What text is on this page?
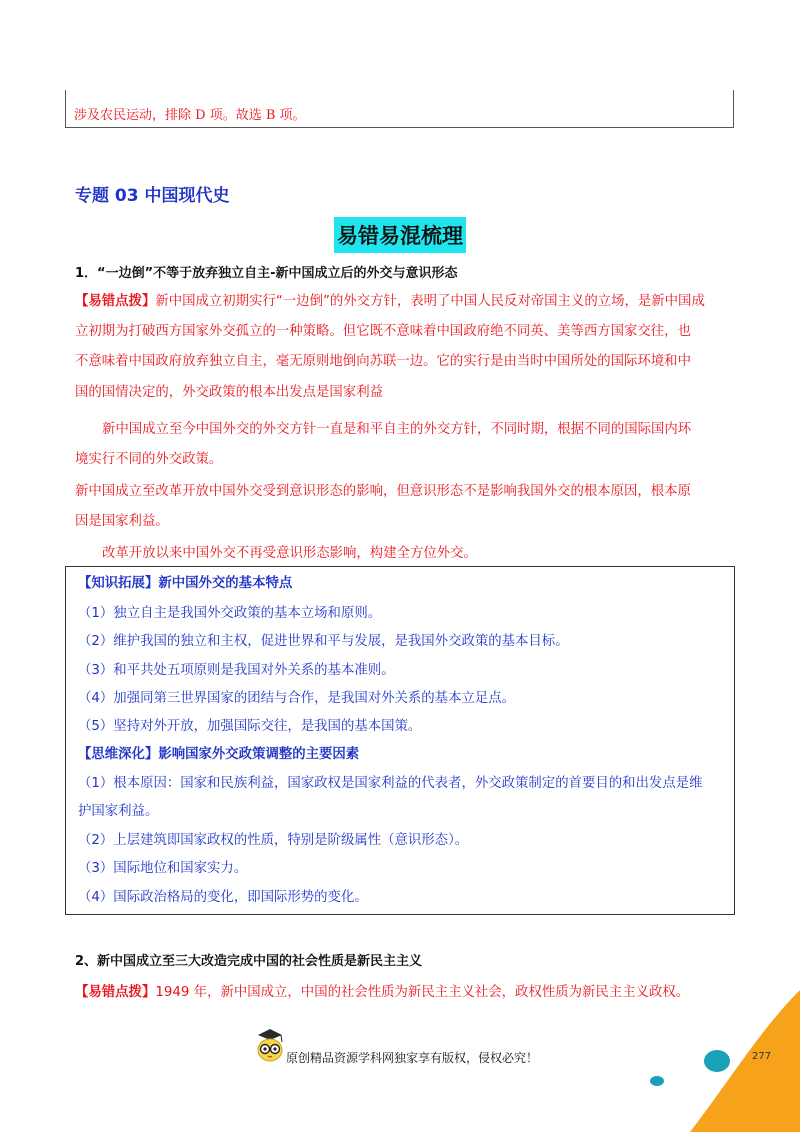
涉及农民运动，排除 D 项。故选 B 项。
专题 03 中国现代史
易错易混梳理
1．“一边倒”不等于放弃独立自主-新中国成立后的外交与意识形态
【易错点拨】新中国成立初期实行“一边倒”的外交方针，表明了中国人民反对帝国主义的立场，是新中国成
立初期为打破西方国家外交孤立的一种策略。但它既不意味着中国政府绝不同英、美等西方国家交往，也
不意味着中国政府放弃独立自主，毫无原则地倒向苏联一边。它的实行是由当时中国所处的国际环境和中
国的国情决定的，外交政策的根本出发点是国家利益
新中国成立至今中国外交的外交方针一直是和平自主的外交方针，不同时期，根据不同的国际国内环
境实行不同的外交政策。
新中国成立至改革开放中国外交受到意识形态的影响，但意识形态不是影响我国外交的根本原因，根本原
因是国家利益。
改革开放以来中国外交不再受意识形态影响，构建全方位外交。
【知识拓展】新中国外交的基本特点
（1）独立自主是我国外交政策的基本立场和原则。
（2）维护我国的独立和主权，促进世界和平与发展，是我国外交政策的基本目标。
（3）和平共处五项原则是我国对外关系的基本准则。
（4）加强同第三世界国家的团结与合作，是我国对外关系的基本立足点。
（5）坚持对外开放，加强国际交往，是我国的基本国策。
【思维深化】影响国家外交政策调整的主要因素
（1）根本原因：国家和民族利益，国家政权是国家利益的代表者，外交政策制定的首要目的和出发点是维
护国家利益。
（2）上层建筑即国家政权的性质，特别是阶级属性（意识形态）。
（3）国际地位和国家实力。
（4）国际政治格局的变化，即国际形势的变化。
2、新中国成立至三大改造完成中国的社会性质是新民主主义
【易错点拨】1949 年，新中国成立，中国的社会性质为新民主主义社会，政权性质为新民主主义政权。
原创精品资源学科网独家享有版权，侵权必究！	277
